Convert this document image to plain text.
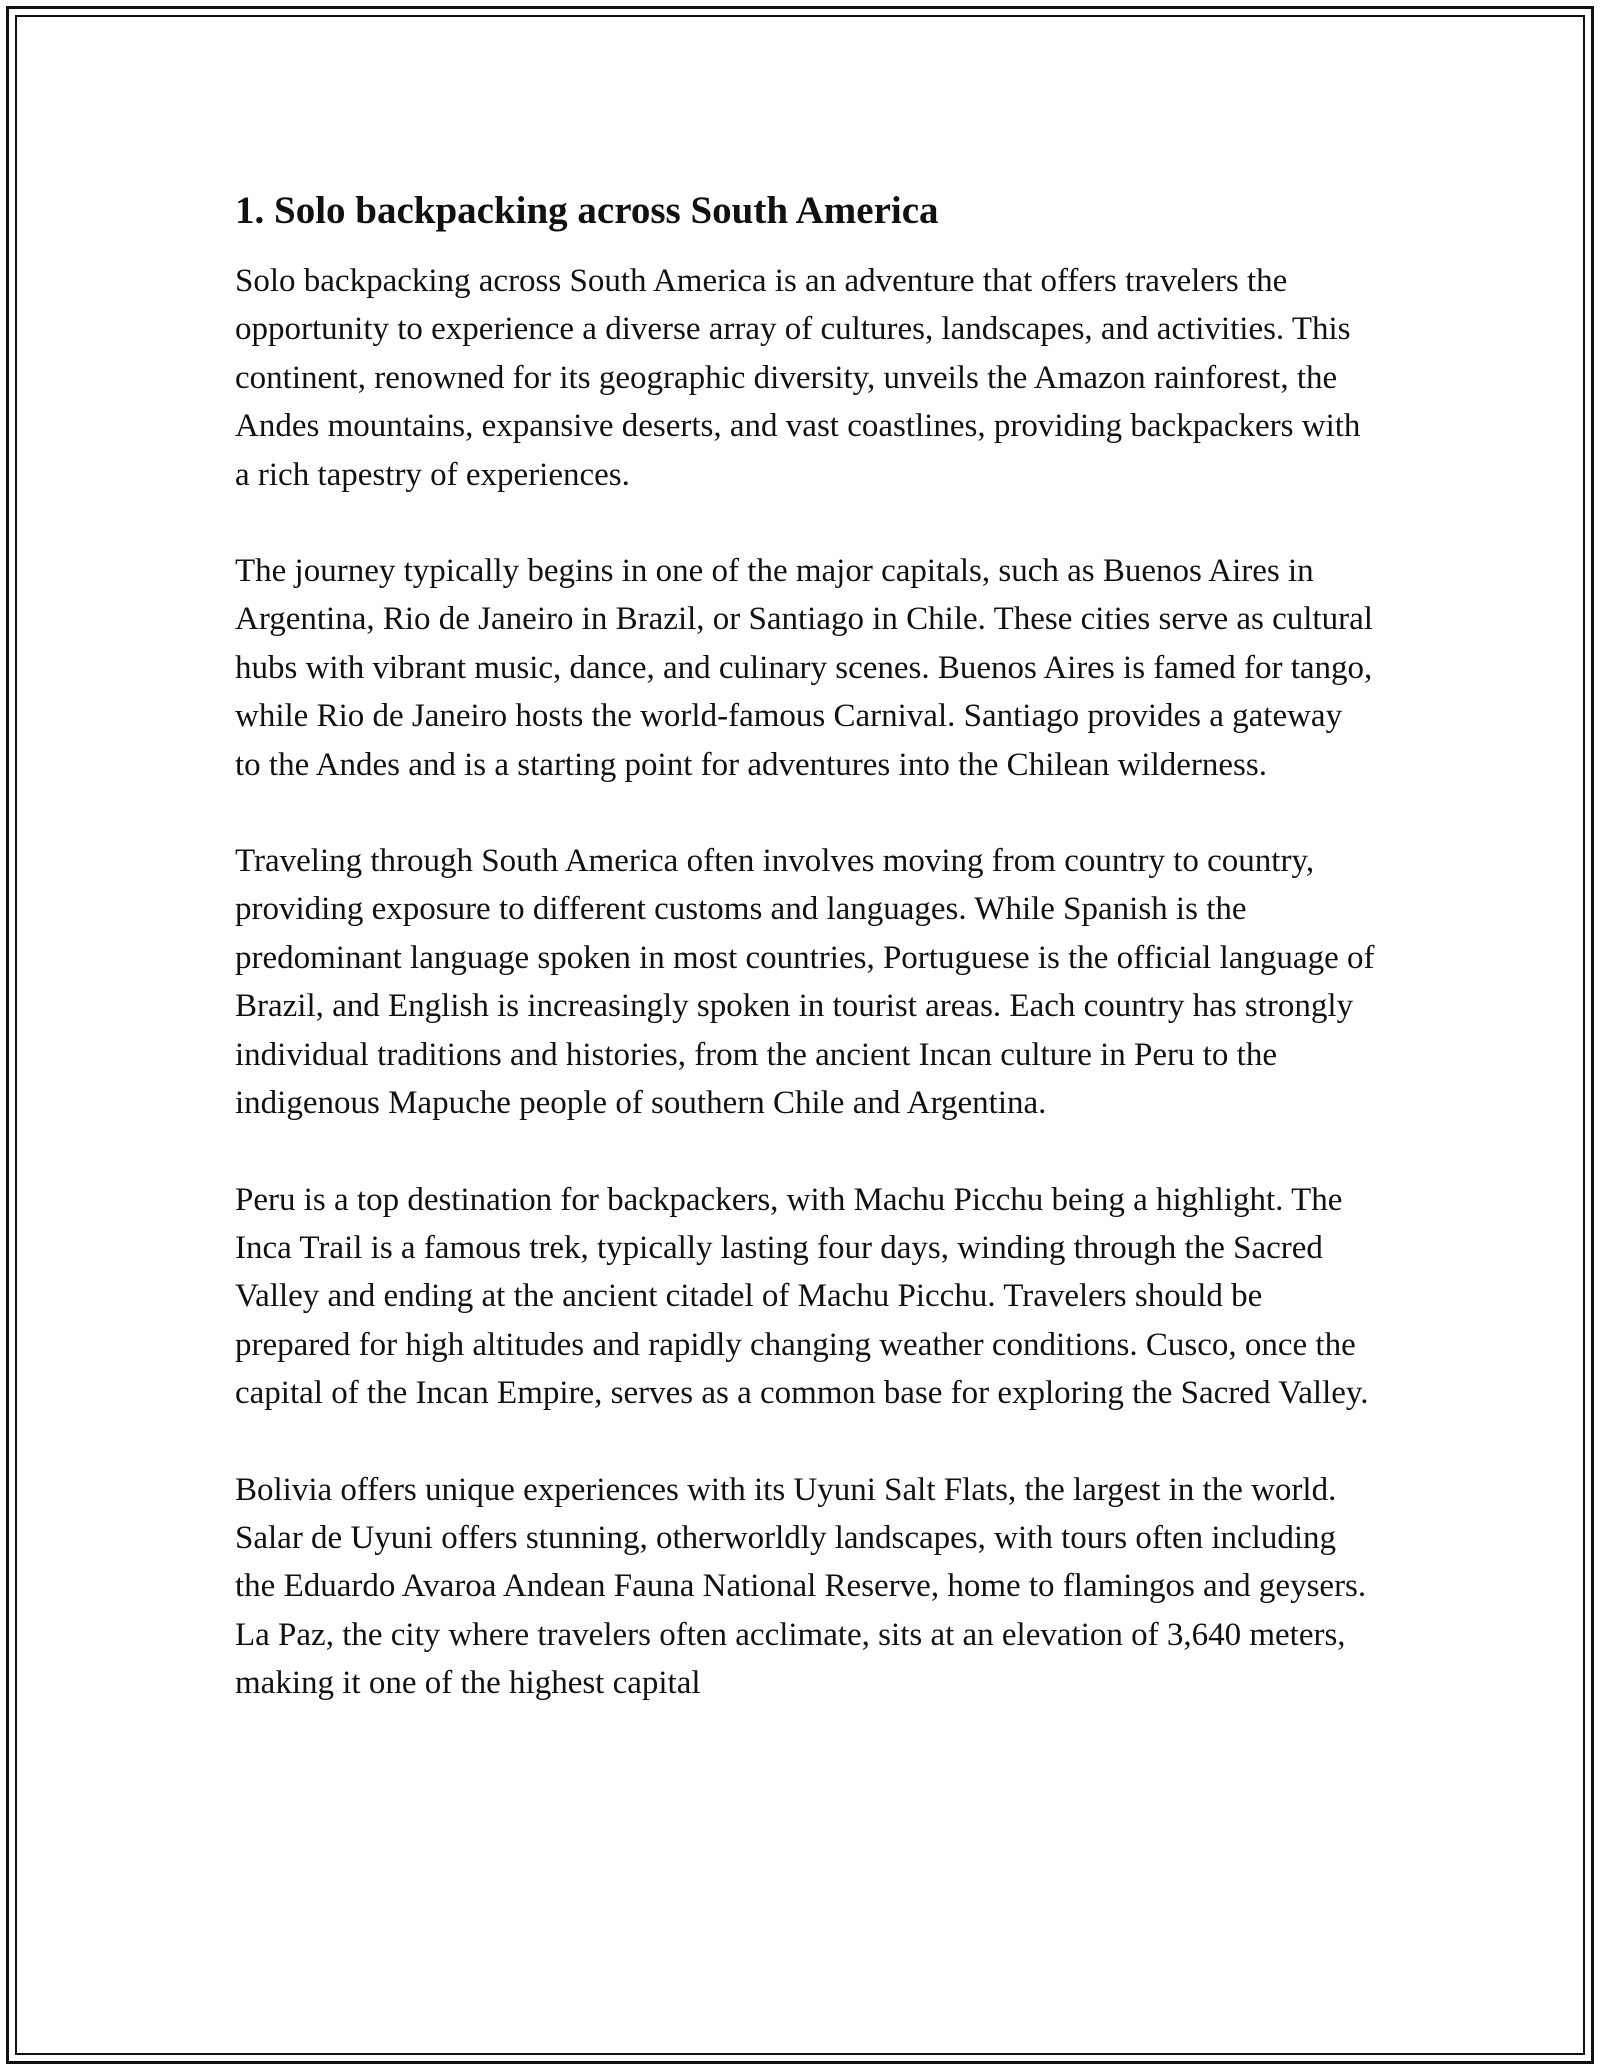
1. Solo backpacking across South America

Solo backpacking across South America is an adventure that offers travelers the opportunity to experience a diverse array of cultures, landscapes, and activities. This continent, renowned for its geographic diversity, unveils the Amazon rainforest, the Andes mountains, expansive deserts, and vast coastlines, providing backpackers with a rich tapestry of experiences.

The journey typically begins in one of the major capitals, such as Buenos Aires in Argentina, Rio de Janeiro in Brazil, or Santiago in Chile. These cities serve as cultural hubs with vibrant music, dance, and culinary scenes. Buenos Aires is famed for tango, while Rio de Janeiro hosts the world-famous Carnival. Santiago provides a gateway to the Andes and is a starting point for adventures into the Chilean wilderness.

Traveling through South America often involves moving from country to country, providing exposure to different customs and languages. While Spanish is the predominant language spoken in most countries, Portuguese is the official language of Brazil, and English is increasingly spoken in tourist areas. Each country has strongly individual traditions and histories, from the ancient Incan culture in Peru to the indigenous Mapuche people of southern Chile and Argentina.

Peru is a top destination for backpackers, with Machu Picchu being a highlight. The Inca Trail is a famous trek, typically lasting four days, winding through the Sacred Valley and ending at the ancient citadel of Machu Picchu. Travelers should be prepared for high altitudes and rapidly changing weather conditions. Cusco, once the capital of the Incan Empire, serves as a common base for exploring the Sacred Valley.

Bolivia offers unique experiences with its Uyuni Salt Flats, the largest in the world. Salar de Uyuni offers stunning, otherworldly landscapes, with tours often including the Eduardo Avaroa Andean Fauna National Reserve, home to flamingos and geysers. La Paz, the city where travelers often acclimate, sits at an elevation of 3,640 meters, making it one of the highest capital
